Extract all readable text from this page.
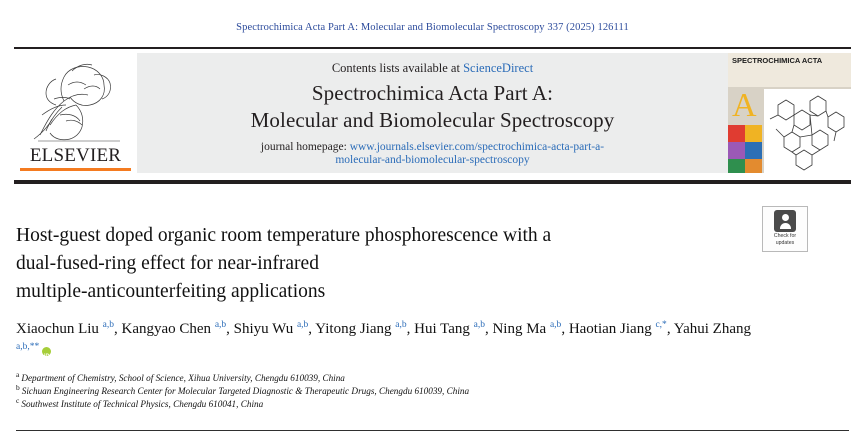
Spectrochimica Acta Part A: Molecular and Biomolecular Spectroscopy 337 (2025) 126111
ELSEVIER
Contents lists available at ScienceDirect
Spectrochimica Acta Part A:
Molecular and Biomolecular Spectroscopy
journal homepage: www.journals.elsevier.com/spectrochimica-acta-part-a-
molecular-and-biomolecular-spectroscopy
SPECTROCHIMICA ACTA
A
Check for
updates
Host-guest doped organic room temperature phosphorescence with a
dual-fused-ring effect for near-infrared
multiple-anticounterfeiting applications
Xiaochun Liu $^{a,b}$, Kangyao Chen $^{a,b}$, Shiyu Wu $^{a,b}$, Yitong Jiang $^{a,b}$, Hui Tang $^{a,b}$, Ning Ma $^{a,b}$, Haotian Jiang $^{c,*}$, Yahui Zhang $^{a,b,**}$iD
$^a$ Department of Chemistry, School of Science, Xihua University, Chengdu 610039, China
$^b$ Sichuan Engineering Research Center for Molecular Targeted Diagnostic & Therapeutic Drugs, Chengdu 610039, China
$^c$ Southwest Institute of Technical Physics, Chengdu 610041, China
